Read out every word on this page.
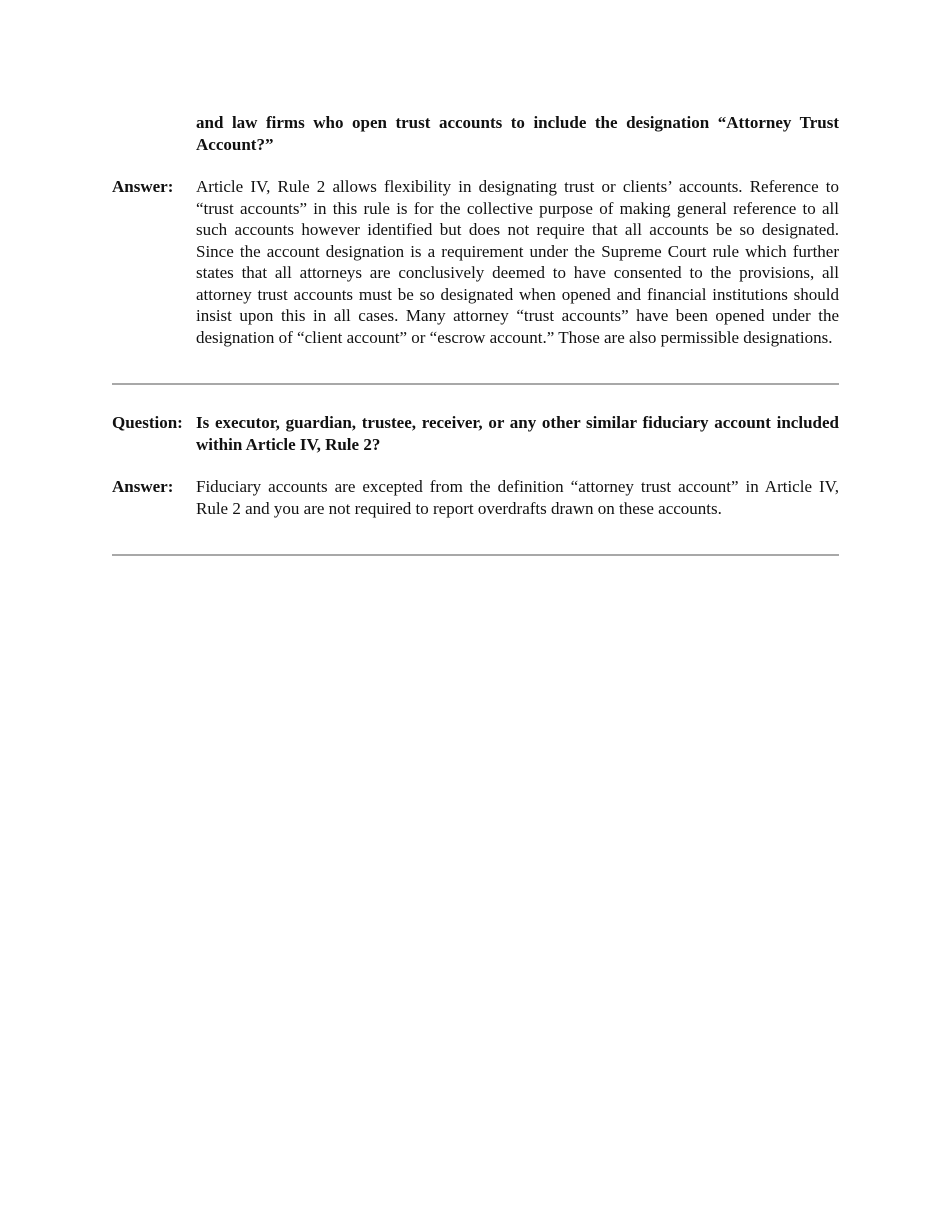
and law firms who open trust accounts to include the designation “Attorney Trust Account?”
Answer:	Article IV, Rule 2 allows flexibility in designating trust or clients’ accounts. Reference to “trust accounts” in this rule is for the collective purpose of making general reference to all such accounts however identified but does not require that all accounts be so designated. Since the account designation is a requirement under the Supreme Court rule which further states that all attorneys are conclusively deemed to have consented to the provisions, all attorney trust accounts must be so designated when opened and financial institutions should insist upon this in all cases. Many attorney “trust accounts” have been opened under the designation of “client account” or “escrow account.” Those are also permissible designations.
Question: Is executor, guardian, trustee, receiver, or any other similar fiduciary account included within Article IV, Rule 2?
Answer:	Fiduciary accounts are excepted from the definition “attorney trust account” in Article IV, Rule 2 and you are not required to report overdrafts drawn on these accounts.
